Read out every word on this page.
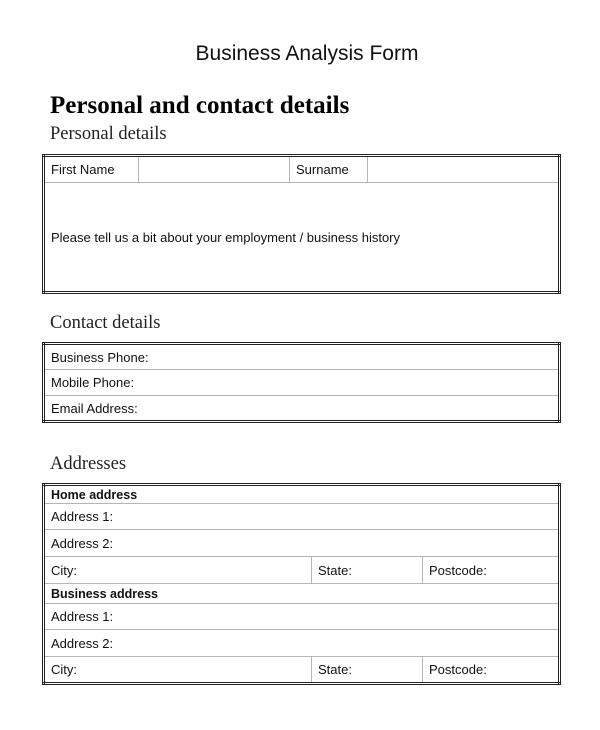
Business Analysis Form
Personal and contact details
Personal details
First Name		Surname	
Please tell us a bit about your employment / business history
Contact details
Business Phone:
Mobile Phone:
Email Address:
Addresses
Home address		
Address 1:		
Address 2:		
City:	State:	Postcode:
Business address		
Address 1:		
Address 2:		
City:	State:	Postcode:
